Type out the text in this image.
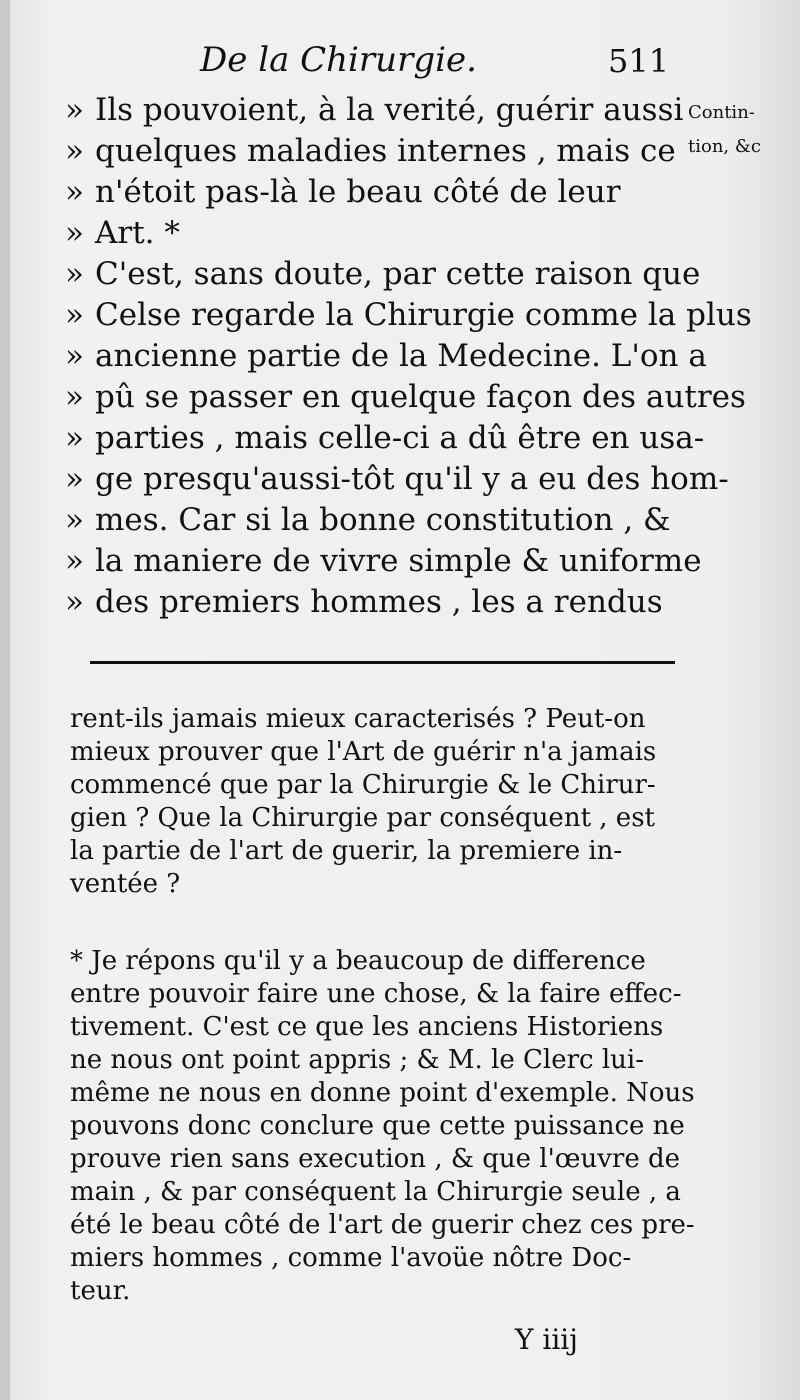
De la Chirurgie.	511
Contin-
tion, &c
» Ils pouvoient, à la verité, guérir aussi
» quelques maladies internes , mais ce
» n'étoit pas-là le beau côté de leur
» Art. *
» C'est, sans doute, par cette raison que
» Celse regarde la Chirurgie comme la plus
» ancienne partie de la Medecine. L'on a
» pû se passer en quelque façon des autres
» parties , mais celle-ci a dû être en usa-
» ge presqu'aussi-tôt qu'il y a eu des hom-
» mes. Car si la bonne constitution , &
» la maniere de vivre simple & uniforme
» des premiers hommes , les a rendus
rent-ils jamais mieux caracterisés ? Peut-on
mieux prouver que l'Art de guérir n'a jamais
commencé que par la Chirurgie & le Chirur-
gien ? Que la Chirurgie par conséquent , est
la partie de l'art de guerir, la premiere in-
ventée ?
* Je répons qu'il y a beaucoup de difference
entre pouvoir faire une chose, & la faire effec-
tivement. C'est ce que les anciens Historiens
ne nous ont point appris ; & M. le Clerc lui-
même ne nous en donne point d'exemple. Nous
pouvons donc conclure que cette puissance ne
prouve rien sans execution , & que l'œuvre de
main , & par conséquent la Chirurgie seule , a
été le beau côté de l'art de guerir chez ces pre-
miers hommes , comme l'avoüe nôtre Doc-
teur.
Y iiij
